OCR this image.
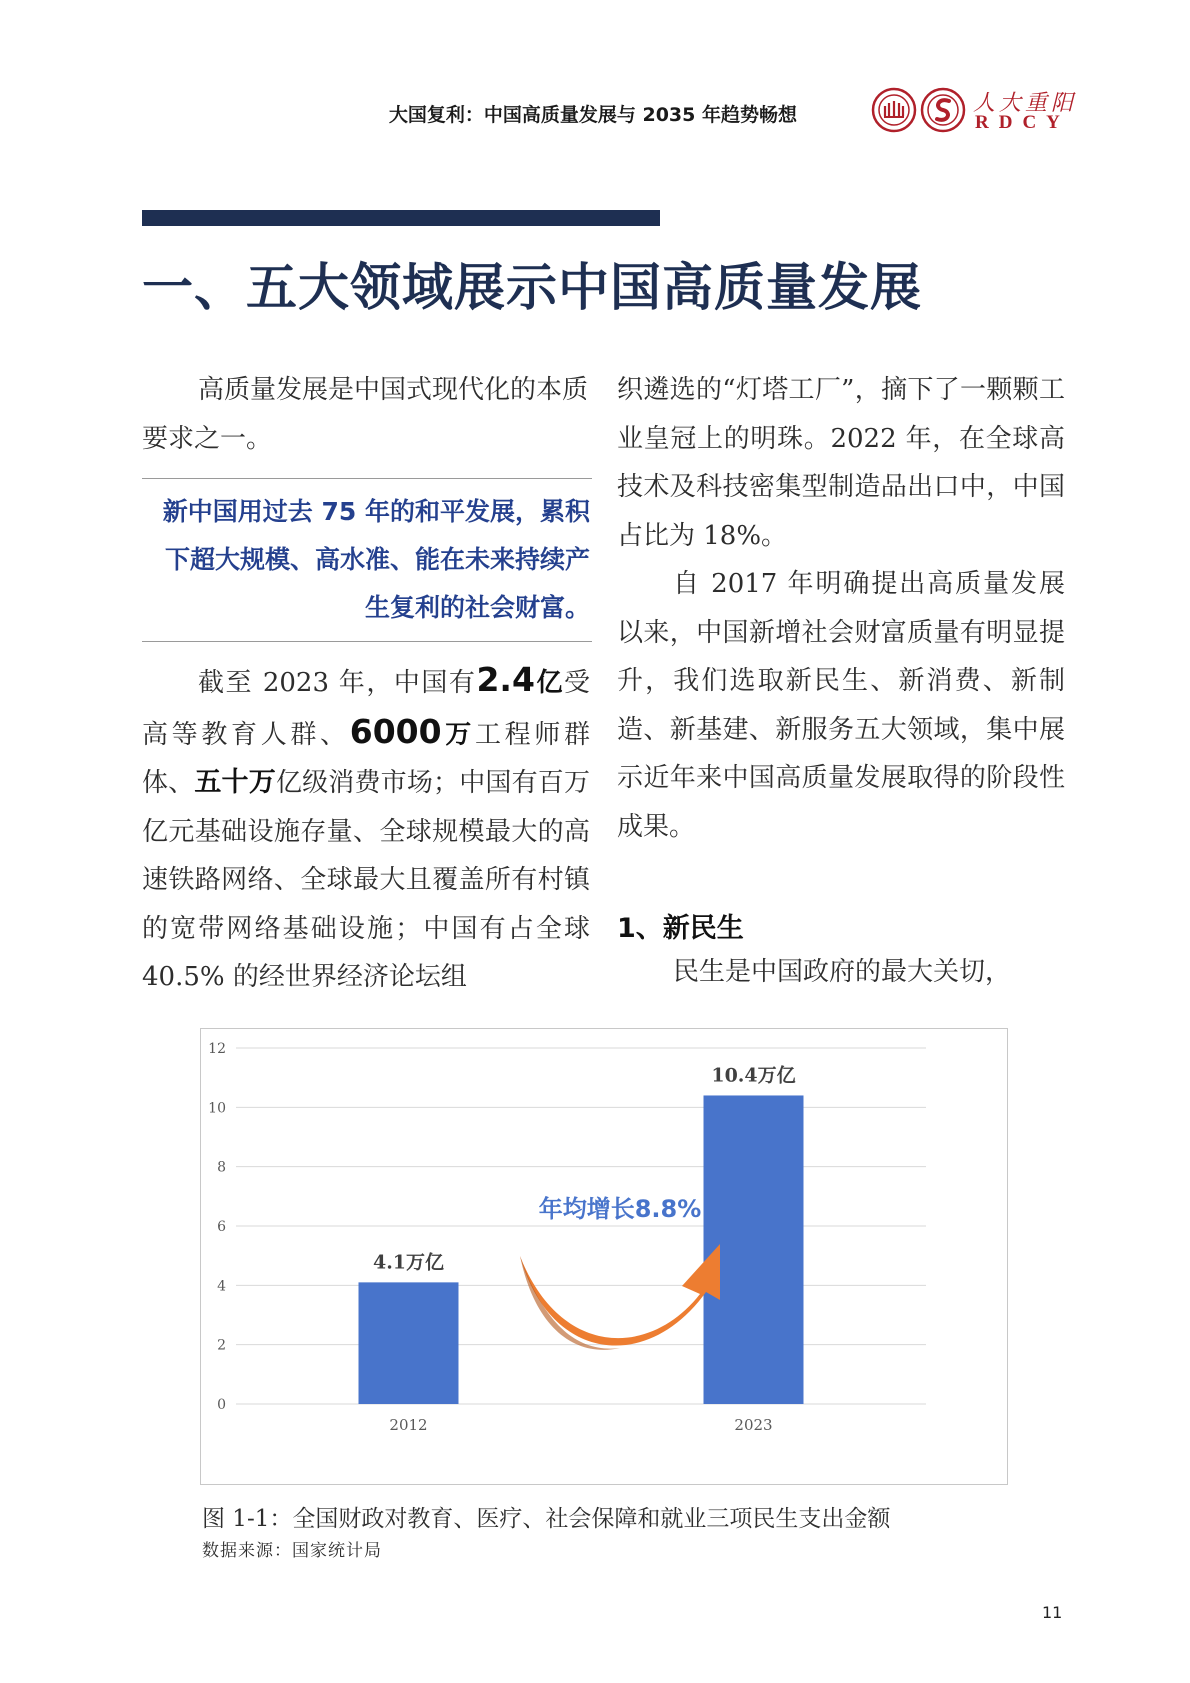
大国复利：中国高质量发展与 2035 年趋势畅想	人大重阳
RDCY
一、五大领域展示中国高质量发展

高质量发展是中国式现代化的本质要求之一。

新中国用过去 75 年的和平发展，累积下超大规模、高水准、能在未来持续产生复利的社会财富。

截至 2023 年，中国有2.4亿受高等教育人群、6000万工程师群体、五十万亿级消费市场；中国有百万亿元基础设施存量、全球规模最大的高速铁路网络、全球最大且覆盖所有村镇的宽带网络基础设施；中国有占全球 40.5% 的经世界经济论坛组

织遴选的“灯塔工厂”，摘下了一颗颗工业皇冠上的明珠。2022 年，在全球高技术及科技密集型制造品出口中，中国占比为 18%。

自 2017 年明确提出高质量发展以来，中国新增社会财富质量有明显提升，我们选取新民生、新消费、新制造、新基建、新服务五大领域，集中展示近年来中国高质量发展取得的阶段性成果。

1、新民生

民生是中国政府的最大关切，

0
2
4
6
8
10
12
4.1万亿
10.4万亿
2012	2023
年均增长8.8%
图 1-1：全国财政对教育、医疗、社会保障和就业三项民生支出金额
数据来源：国家统计局
11
